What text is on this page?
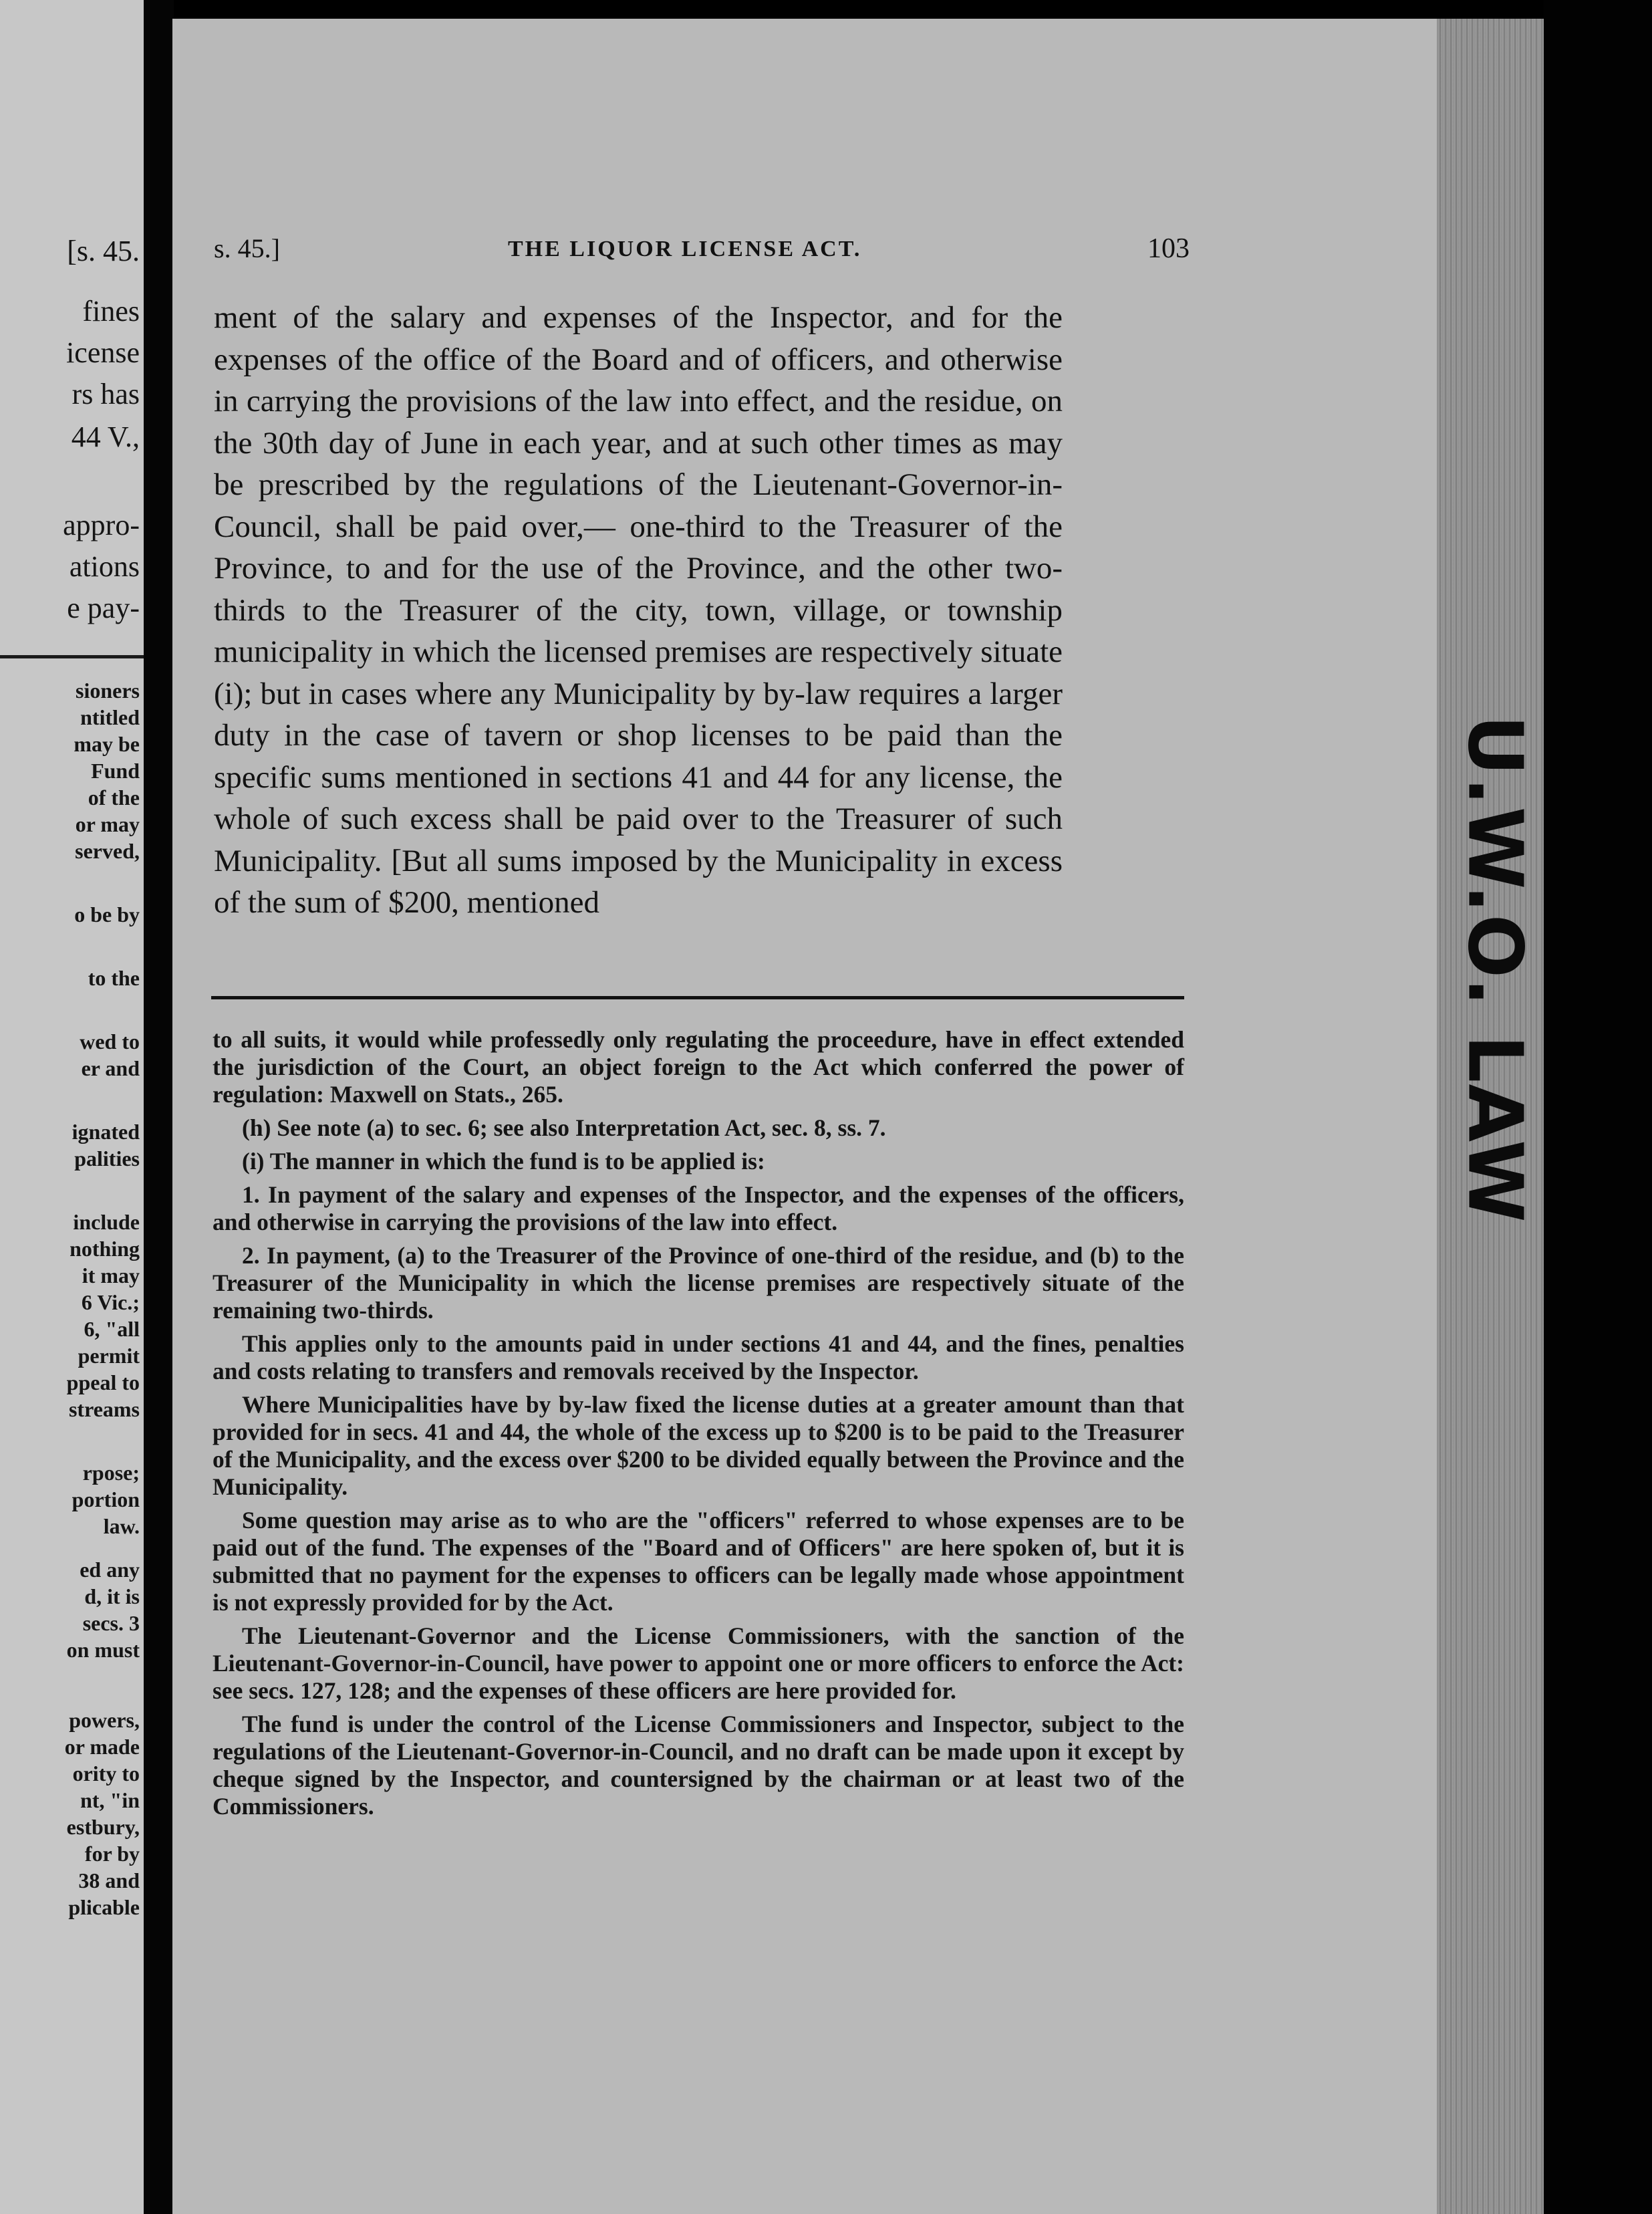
[s. 45.
fines
icense
rs has
44 V.,
appro-
ations
e pay-
sioners
ntitled
may be
Fund
of the
or may
served,
o be by
to the
wed to
er and
ignated
palities
include
nothing
it may
6 Vic.;
6, "all
permit
ppeal to
streams
rpose;
portion
law.
ed any
d, it is
secs. 3
on must
powers,
or made
ority to
nt, "in
estbury,
for by
38 and
plicable
s. 45.]	THE LIQUOR LICENSE ACT.	103

ment of the salary and expenses of the Inspector, and for the expenses of the office of the Board and of officers, and otherwise in carrying the provisions of the law into effect, and the residue, on the 30th day of June in each year, and at such other times as may be prescribed by the regulations of the Lieutenant-Governor-in-Council, shall be paid over,— one-third to the Treasurer of the Province, to and for the use of the Province, and the other two-thirds to the Treasurer of the city, town, village, or township municipality in which the licensed premises are respectively situate (i); but in cases where any Municipality by by-law requires a larger duty in the case of tavern or shop licenses to be paid than the specific sums mentioned in sections 41 and 44 for any license, the whole of such excess shall be paid over to the Treasurer of such Municipality. [But all sums imposed by the Municipality in excess of the sum of $200, mentioned

to all suits, it would while professedly only regulating the proceedure, have in effect extended the jurisdiction of the Court, an object foreign to the Act which conferred the power of regulation: Maxwell on Stats., 265.

(h) See note (a) to sec. 6; see also Interpretation Act, sec. 8, ss. 7.

(i) The manner in which the fund is to be applied is:

1. In payment of the salary and expenses of the Inspector, and the expenses of the officers, and otherwise in carrying the provisions of the law into effect.

2. In payment, (a) to the Treasurer of the Province of one-third of the residue, and (b) to the Treasurer of the Municipality in which the license premises are respectively situate of the remaining two-thirds.

This applies only to the amounts paid in under sections 41 and 44, and the fines, penalties and costs relating to transfers and removals received by the Inspector.

Where Municipalities have by by-law fixed the license duties at a greater amount than that provided for in secs. 41 and 44, the whole of the excess up to $200 is to be paid to the Treasurer of the Municipality, and the excess over $200 to be divided equally between the Province and the Municipality.

Some question may arise as to who are the "officers" referred to whose expenses are to be paid out of the fund. The expenses of the "Board and of Officers" are here spoken of, but it is submitted that no payment for the expenses to officers can be legally made whose appointment is not expressly provided for by the Act.

The Lieutenant-Governor and the License Commissioners, with the sanction of the Lieutenant-Governor-in-Council, have power to appoint one or more officers to enforce the Act: see secs. 127, 128; and the expenses of these officers are here provided for.

The fund is under the control of the License Commissioners and Inspector, subject to the regulations of the Lieutenant-Governor-in-Council, and no draft can be made upon it except by cheque signed by the Inspector, and countersigned by the chairman or at least two of the Commissioners.

U.W.O. LAW
